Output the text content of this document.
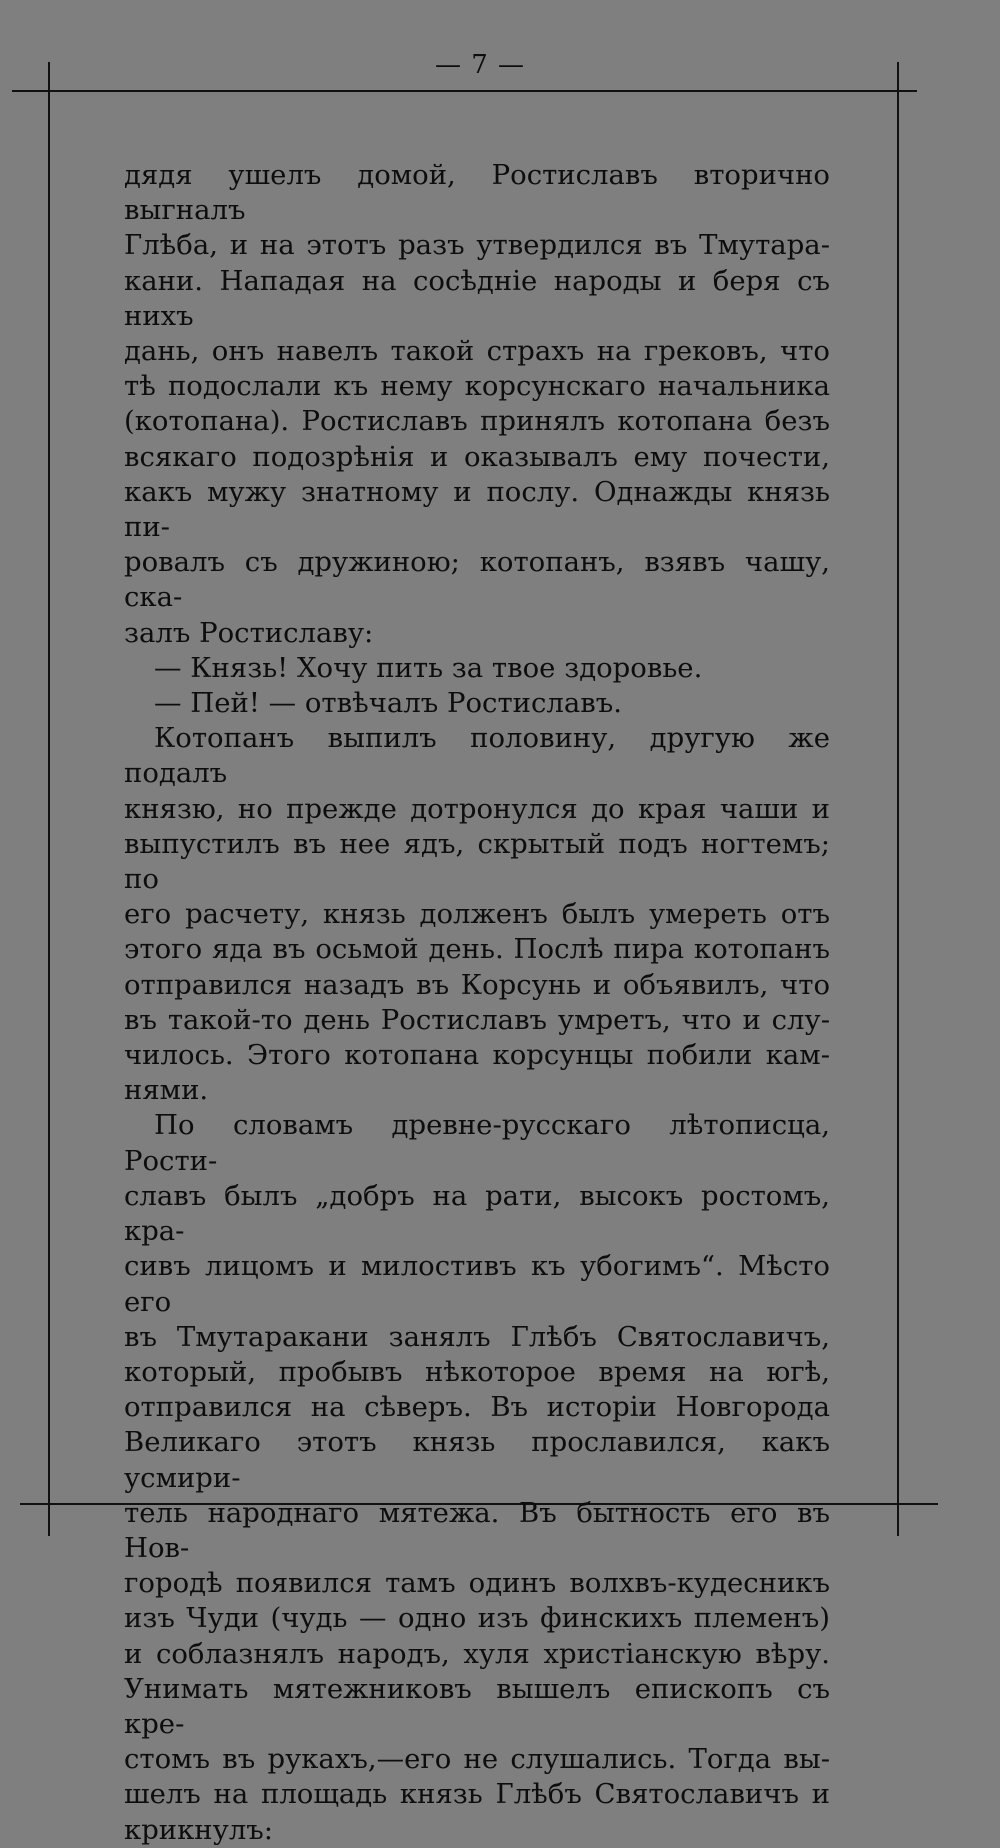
— 7 —

дядя ушелъ домой, Ростиславъ вторично выгналъ
Глѣба, и на этотъ разъ утвердился въ Тмутара-
кани. Нападая на сосѣдніе народы и беря съ нихъ
дань, онъ навелъ такой страхъ на грековъ, что
тѣ подослали къ нему корсунскаго начальника
(котопана). Ростиславъ принялъ котопана безъ
всякаго подозрѣнія и оказывалъ ему почести,
какъ мужу знатному и послу. Однажды князь пи-
ровалъ съ дружиною; котопанъ, взявъ чашу, ска-
залъ Ростиславу:

— Князь! Хочу пить за твое здоровье.

— Пей! — отвѣчалъ Ростиславъ.

Котопанъ выпилъ половину, другую же подалъ
князю, но прежде дотронулся до края чаши и
выпустилъ въ нее ядъ, скрытый подъ ногтемъ; по
его расчету, князь долженъ былъ умереть отъ
этого яда въ осьмой день. Послѣ пира котопанъ
отправился назадъ въ Корсунь и объявилъ, что
въ такой-то день Ростиславъ умретъ, что и слу-
чилось. Этого котопана корсунцы побили кам-
нями.

По словамъ древне-русскаго лѣтописца, Рости-
славъ былъ „добръ на рати, высокъ ростомъ, кра-
сивъ лицомъ и милостивъ къ убогимъ“. Мѣсто его
въ Тмутаракани занялъ Глѣбъ Святославичъ,
который, пробывъ нѣкоторое время на югѣ,
отправился на сѣверъ. Въ исторіи Новгорода
Великаго этотъ князь прославился, какъ усмири-
тель народнаго мятежа. Въ бытность его въ Нов-
городѣ появился тамъ одинъ волхвъ-кудесникъ
изъ Чуди (чудь — одно изъ финскихъ племенъ)
и соблазнялъ народъ, хуля христіанскую вѣру.
Унимать мятежниковъ вышелъ епископъ съ кре-
стомъ въ рукахъ,—его не слушались. Тогда вы-
шелъ на площадь князь Глѣбъ Святославичъ и
крикнулъ:
